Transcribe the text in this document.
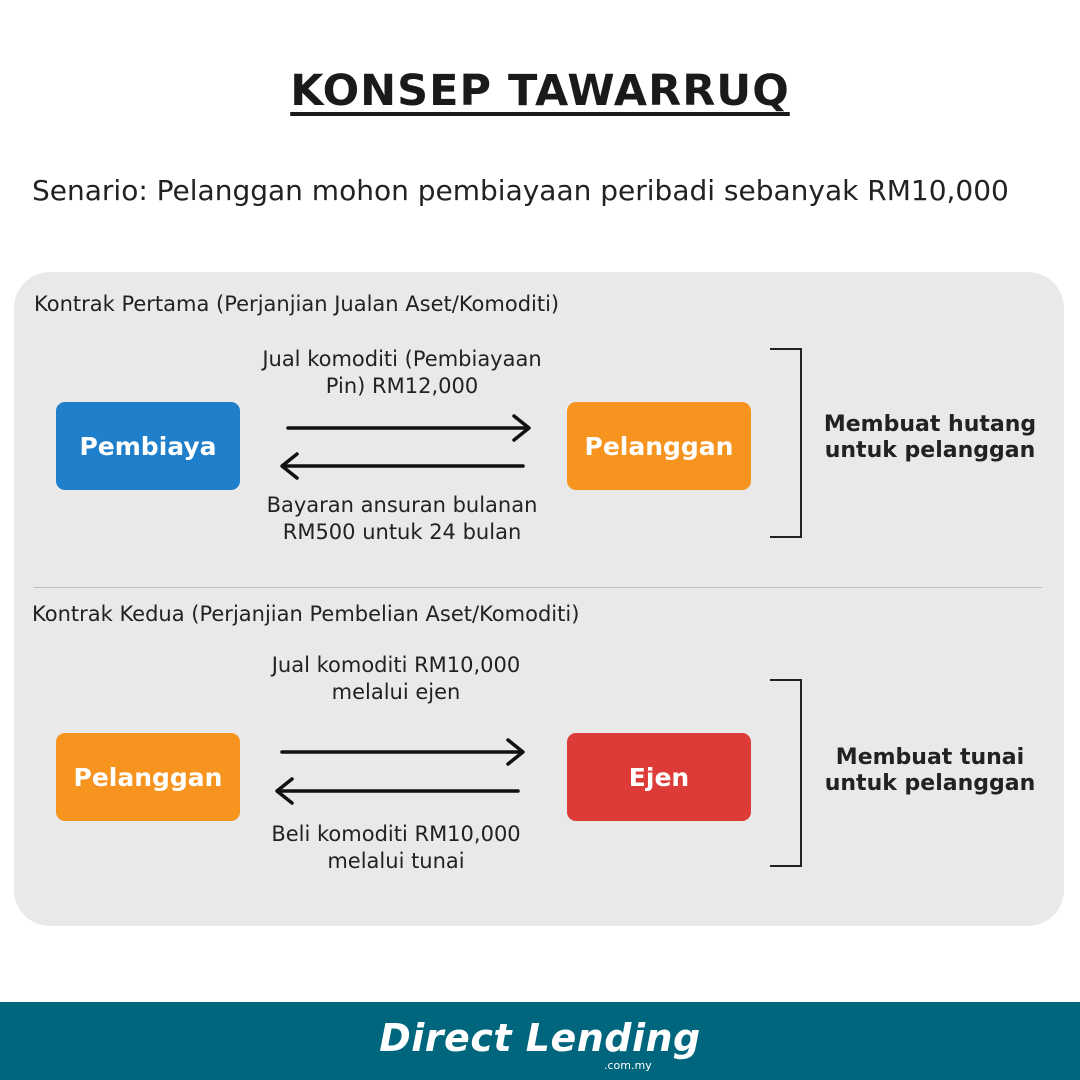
KONSEP TAWARRUQ
Senario: Pelanggan mohon pembiayaan peribadi sebanyak RM10,000
Kontrak Pertama (Perjanjian Jualan Aset/Komoditi)
Jual komoditi (Pembiayaan
Pin) RM12,000
Pembiaya	Pelanggan
Bayaran ansuran bulanan
RM500 untuk 24 bulan
Membuat hutang
untuk pelanggan
Kontrak Kedua (Perjanjian Pembelian Aset/Komoditi)
Jual komoditi RM10,000
melalui ejen
Pelanggan	Ejen
Beli komoditi RM10,000
melalui tunai
Membuat tunai
untuk pelanggan
Direct Lending
.com.my
